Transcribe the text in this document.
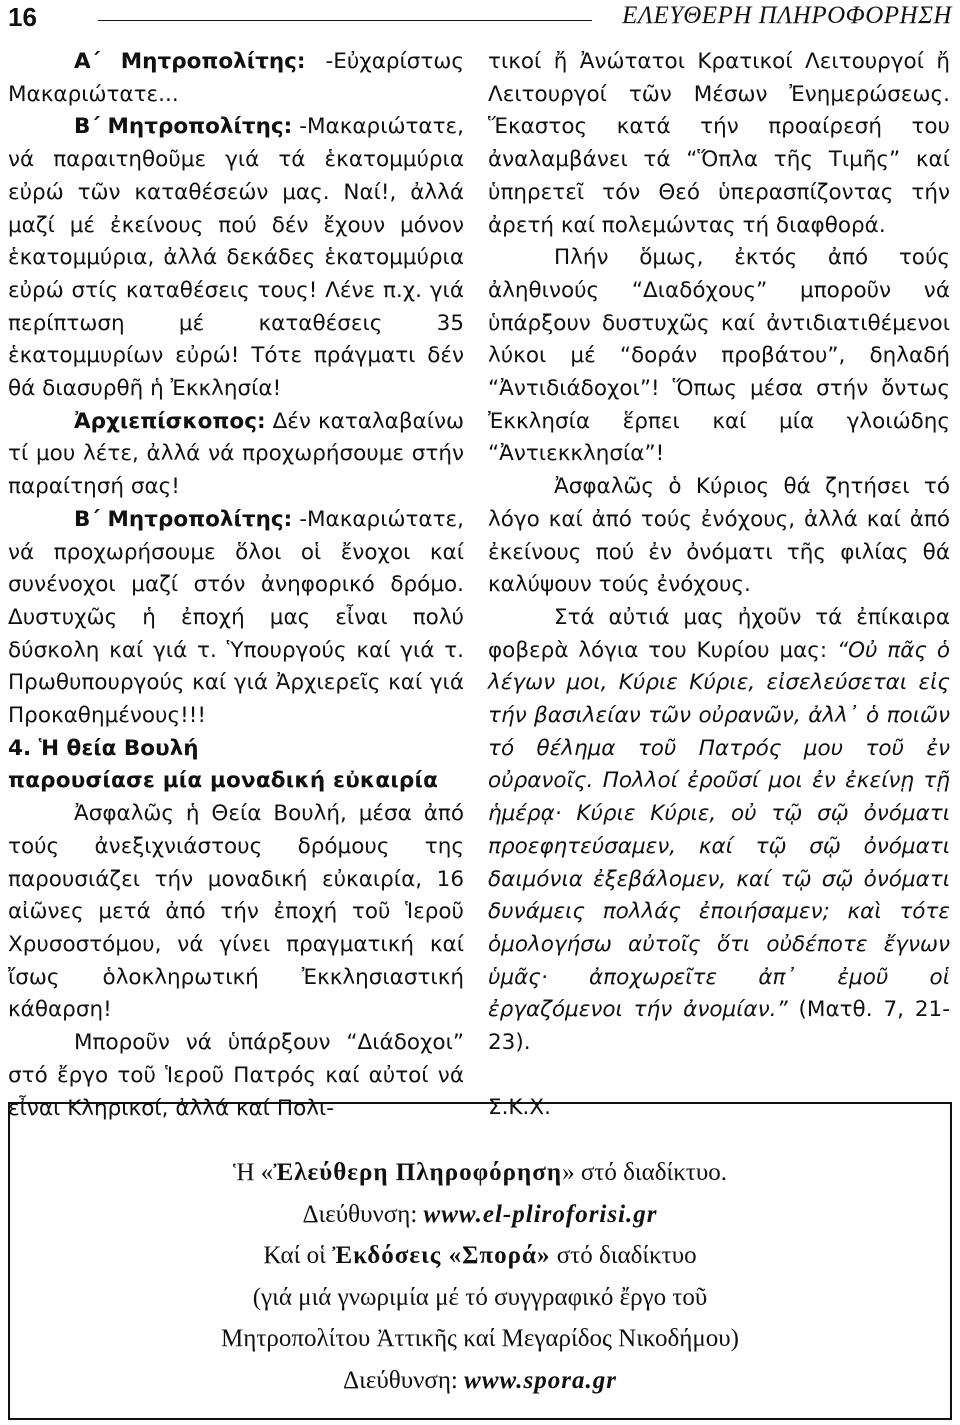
16	ΕΛΕΥΘΕΡΗ ΠΛΗΡΟΦΟΡΗΣΗ

Α΄ Μητροπολίτης: -Εὐχαρίστως Μακαριώτατε...

Β΄ Μητροπολίτης: -Μακαριώτατε, νά παραιτηθοῦμε γιά τά ἑκατομμύρια εὐρώ τῶν καταθέσεών μας. Ναί!, ἀλλά μαζί μέ ἐκείνους πού δέν ἔχουν μόνον ἑκατομμύρια, ἀλλά δεκάδες ἑκατομμύρια εὐρώ στίς καταθέσεις τους! Λένε π.χ. γιά περίπτωση μέ καταθέσεις 35 ἑκατομμυρίων εὐρώ! Τότε πράγματι δέν θά διασυρθῆ ἡ Ἐκκλησία!

Ἀρχιεπίσκοπος: Δέν καταλαβαίνω τί μου λέτε, ἀλλά νά προχωρήσουμε στήν παραίτησή σας!

Β΄ Μητροπολίτης: -Μακαριώτατε, νά προχωρήσουμε ὅλοι οἱ ἔνοχοι καί συνένοχοι μαζί στόν ἀνηφορικό δρόμο. Δυστυχῶς ἡ ἐποχή μας εἶναι πολύ δύσκολη καί γιά τ. Ὑπουργούς καί γιά τ. Πρωθυπουργούς καί γιά Ἀρχιερεῖς καί γιά Προκαθημένους!!!

4. Ἡ θεία Βουλή

παρουσίασε μία μοναδική εὐκαιρία

Ἀσφαλῶς ἡ Θεία Βουλή, μέσα ἀπό τούς ἀνεξιχνιάστους δρόμους της παρουσιάζει τήν μοναδική εὐκαιρία, 16 αἰῶνες μετά ἀπό τήν ἐποχή τοῦ Ἱεροῦ Χρυσοστόμου, νά γίνει πραγματική καί ἴσως ὁλοκληρωτική Ἐκκλησιαστική κάθαρση!

Μποροῦν νά ὑπάρξουν “Διάδοχοι” στό ἔργο τοῦ Ἱεροῦ Πατρός καί αὐτοί νά εἶναι Κληρικοί, ἀλλά καί Πολι-

τικοί ἤ Ἀνώτατοι Κρατικοί Λειτουργοί ἤ Λειτουργοί τῶν Μέσων Ἐνημερώσεως. Ἕκαστος κατά τήν προαίρεσή του ἀναλαμβάνει τά “Ὅπλα τῆς Τιμῆς” καί ὑπηρετεῖ τόν Θεό ὑπερασπίζοντας τήν ἀρετή καί πολεμώντας τή διαφθορά.

Πλήν ὅμως, ἐκτός ἀπό τούς ἀληθινούς “Διαδόχους” μποροῦν νά ὑπάρξουν δυστυχῶς καί ἀντιδιατιθέμενοι λύκοι μέ “δοράν προβάτου”, δηλαδή “Ἀντιδιάδοχοι”! Ὅπως μέσα στήν ὄντως Ἐκκλησία ἕρπει καί μία γλοιώδης “Ἀντιεκκλησία”!

Ἀσφαλῶς ὁ Κύριος θά ζητήσει τό λόγο καί ἀπό τούς ἐνόχους, ἀλλά καί ἀπό ἐκείνους πού ἐν ὀνόματι τῆς φιλίας θά καλύψουν τούς ἐνόχους.

Στά αὐτιά μας ἠχοῦν τά ἐπίκαιρα φοβερὰ λόγια του Κυρίου μας: “Οὐ πᾶς ὁ λέγων μοι, Κύριε Κύριε, εἰσελεύσεται εἰς τήν βασιλείαν τῶν οὐρανῶν, ἀλλ᾽ ὁ ποιῶν τό θέλημα τοῦ Πατρός μου τοῦ ἐν οὐρανοῖς. Πολλοί ἐροῦσί μοι ἐν ἐκείνῃ τῇ ἡμέρᾳ· Κύριε Κύριε, οὐ τῷ σῷ ὀνόματι προεφητεύσαμεν, καί τῷ σῷ ὀνόματι δαιμόνια ἐξεβάλομεν, καί τῷ σῷ ὀνόματι δυνάμεις πολλάς ἐποιήσαμεν; καὶ τότε ὁμολογήσω αὐτοῖς ὅτι οὐδέποτε ἔγνων ὑμᾶς· ἀποχωρεῖτε ἀπ᾽ ἐμοῦ οἱ ἐργαζόμενοι τήν ἀνομίαν.” (Ματθ. 7, 21-23).

Σ.Κ.Χ.

Ἡ «Ἐλεύθερη Πληροφόρηση» στό διαδίκτυο.
Διεύθυνση: www.el-pliroforisi.gr
Καί οἱ Ἐκδόσεις «Σπορά» στό διαδίκτυο
(γιά μιά γνωριμία μέ τό συγγραφικό ἔργο τοῦ
Μητροπολίτου Ἀττικῆς καί Μεγαρίδος Νικοδήμου)
Διεύθυνση: www.spora.gr
